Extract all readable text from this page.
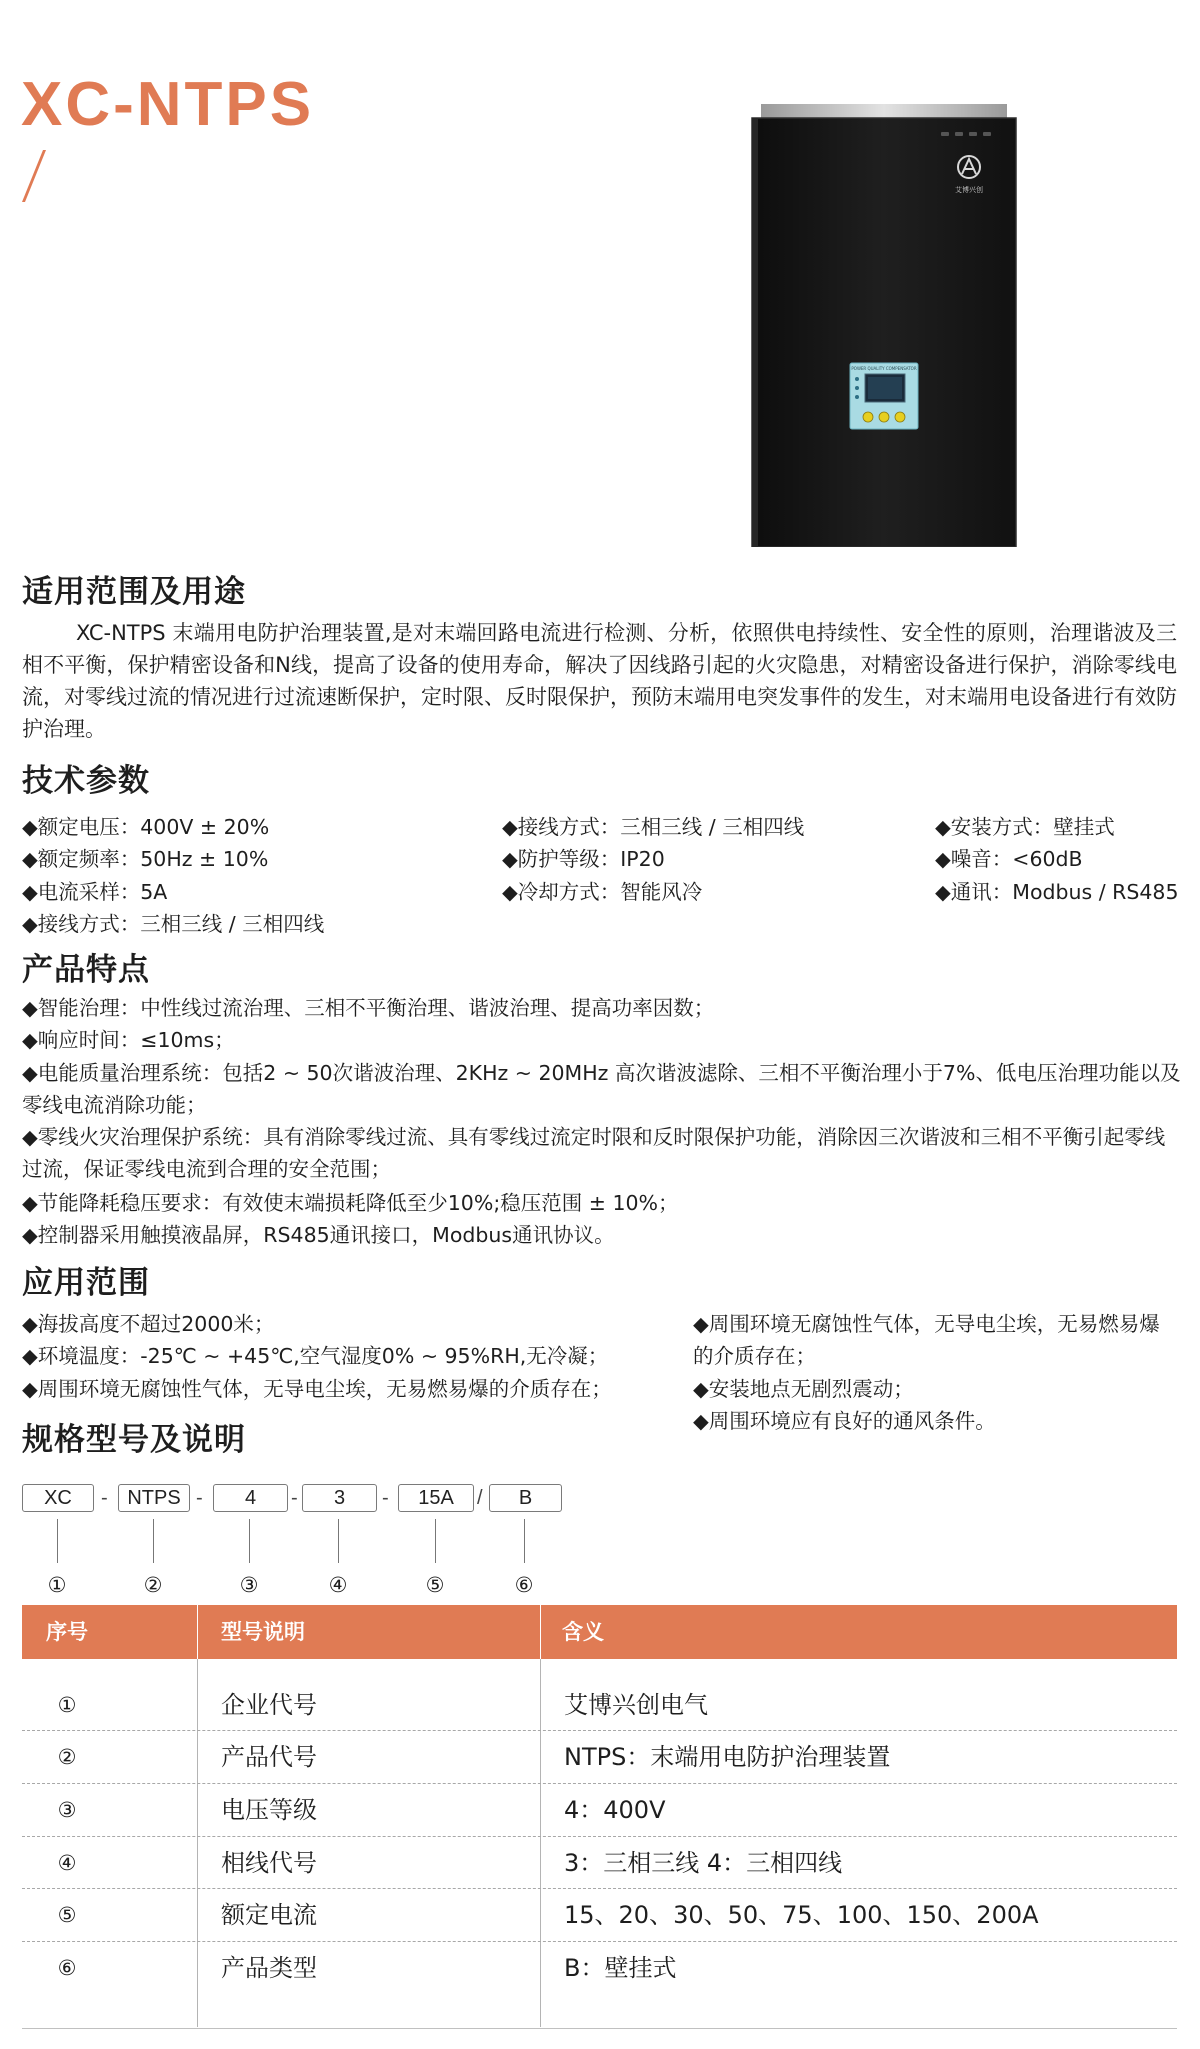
XC-NTPS
艾博兴创
POWER QUALITY COMPENSATOR
适用范围及用途
XC-NTPS 末端用电防护治理装置,是对末端回路电流进行检测、分析，依照供电持续性、安全性的原则，治理谐波及三相不平衡，保护精密设备和N线，提高了设备的使用寿命，解决了因线路引起的火灾隐患，对精密设备进行保护，消除零线电流，对零线过流的情况进行过流速断保护，定时限、反时限保护，预防末端用电突发事件的发生，对末端用电设备进行有效防护治理。
技术参数
◆额定电压：400V ± 20%
◆额定频率：50Hz ± 10%
◆电流采样：5A
◆接线方式：三相三线 / 三相四线
◆接线方式：三相三线 / 三相四线
◆防护等级：IP20
◆冷却方式：智能风冷
◆安装方式：壁挂式
◆噪音：<60dB
◆通讯：Modbus / RS485
产品特点
◆智能治理：中性线过流治理、三相不平衡治理、谐波治理、提高功率因数；
◆响应时间：≤10ms；
◆电能质量治理系统：包括2 ~ 50次谐波治理、2KHz ~ 20MHz 高次谐波滤除、三相不平衡治理小于7%、低电压治理功能以及零线电流消除功能；
◆零线火灾治理保护系统：具有消除零线过流、具有零线过流定时限和反时限保护功能，消除因三次谐波和三相不平衡引起零线过流，保证零线电流到合理的安全范围；
◆节能降耗稳压要求：有效使末端损耗降低至少10%;稳压范围 ± 10%；
◆控制器采用触摸液晶屏，RS485通讯接口，Modbus通讯协议。
应用范围
◆海拔高度不超过2000米；
◆环境温度：-25℃ ~ +45℃,空气湿度0% ~ 95%RH,无冷凝；
◆周围环境无腐蚀性气体，无导电尘埃，无易燃易爆的介质存在；
◆周围环境无腐蚀性气体，无导电尘埃，无易燃易爆的介质存在；
◆安装地点无剧烈震动；
◆周围环境应有良好的通风条件。
规格型号及说明
XC	- NTPS -	4	-	3	-	15A	/	B
①	②	③	④	⑤	⑥
序号	型号说明	含义
①	企业代号	艾博兴创电气
②	产品代号	NTPS：末端用电防护治理装置
③	电压等级	4：400V
④	相线代号	3：三相三线 4：三相四线
⑤	额定电流	15、20、30、50、75、100、150、200A
⑥	产品类型	B：壁挂式
